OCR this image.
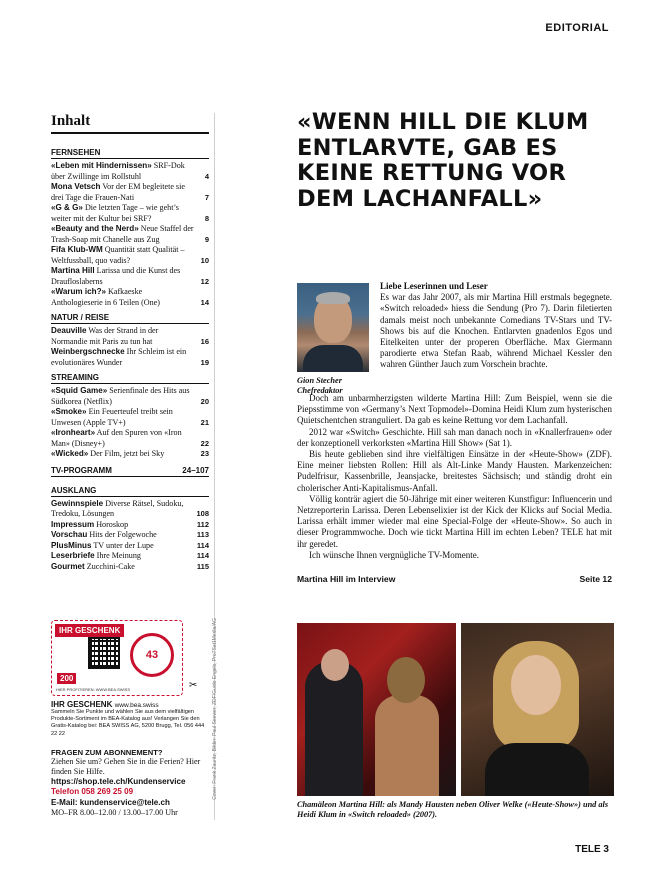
EDITORIAL
Inhalt
FERNSEHEN
«Leben mit Hindernissen» SRF-Dok über Zwillinge im Rollstuhl	4
Mona Vetsch Vor der EM begleitete sie drei Tage die Frauen-Nati	7
«G & G» Die letzten Tage – wie geht’s weiter mit der Kultur bei SRF?	8
«Beauty and the Nerd» Neue Staffel der Trash-Soap mit Chanelle aus Zug	9
Fifa Klub-WM Quantität statt Qualität – Weltfussball, quo vadis?	10
Martina Hill Larissa und die Kunst des Draufloslaberns	12
«Warum ich?» Kafkaeske Anthologieserie in 6 Teilen (One)	14
NATUR / REISE
Deauville Was der Strand in der Normandie mit Paris zu tun hat	16
Weinbergschnecke Ihr Schleim ist ein evolutionäres Wunder	19
STREAMING
«Squid Game» Serienfinale des Hits aus Südkorea (Netflix)	20
«Smoke» Ein Feuerteufel treibt sein Unwesen (Apple TV+)	21
«Ironheart» Auf den Spuren von «Iron Man» (Disney+)	22
«Wicked» Der Film, jetzt bei Sky	23
TV-PROGRAMM	24–107
AUSKLANG
Gewinnspiele Diverse Rätsel, Sudoku, Tredoku, Lösungen	108
Impressum Horoskop	112
Vorschau Hits der Folgewoche	113
PlusMinus TV unter der Lupe	114
Leserbriefe Ihre Meinung	114
Gourmet Zucchini-Cake	115
Cover: Frank Zauritz; Bilder: Paul Seewer, ZDF/Guido Engels, Pro7Sat1Media/AG
IHR GESCHENK
43
200
HIER PROFITIEREN: WWW.BEA.SWISS	✂
IHR GESCHENK www.bea.swiss
Sammeln Sie Punkte und wählen Sie aus dem vielfältigen Produkte-Sortiment im BEA-Katalog aus! Verlangen Sie den Gratis-Katalog bei: BEA SWISS AG, 5200 Brugg, Tel. 056 444 22 22
FRAGEN ZUM ABONNEMENT?
Ziehen Sie um? Gehen Sie in die Ferien? Hier finden Sie Hilfe.
https://shop.tele.ch/Kundenservice
Telefon 058 269 25 09
E-Mail: kundenservice@tele.ch
MO–FR 8.00–12.00 / 13.00–17.00 Uhr
«WENN HILL DIE KLUM ENTLARVTE, GAB ES KEINE RETTUNG VOR DEM LACHANFALL»
Gion Stecher
Chefredaktor

Liebe Leserinnen und Leser

Es war das Jahr 2007, als mir Martina Hill erstmals begegnete. «Switch reloaded» hiess die Sendung (Pro 7). Darin filetierten damals meist noch unbekannte Comedians TV-Stars und TV-Shows bis auf die Knochen. Entlarvten gnadenlos Egos und Eitelkeiten unter der properen Oberfläche. Max Giermann parodierte etwa Stefan Raab, während Michael Kessler den wahren Günther Jauch zum Vorschein brachte.

Doch am unbarmherzigsten wilderte Martina Hill: Zum Beispiel, wenn sie die Piepsstimme von «Germany’s Next Topmodel»-Domina Heidi Klum zum hysterischen Quietschentchen stranguliert. Da gab es keine Rettung vor dem Lachanfall.

2012 war «Switch» Geschichte. Hill sah man danach noch in «Knallerfrauen» oder der konzeptionell verkorksten «Martina Hill Show» (Sat 1).

Bis heute geblieben sind ihre vielfältigen Einsätze in der «Heute-Show» (ZDF). Eine meiner liebsten Rollen: Hill als Alt-Linke Mandy Hausten. Markenzeichen: Pudelfrisur, Kassenbrille, Jeansjacke, breitestes Sächsisch; und ständig droht ein cholerischer Anti-Kapitalismus-Anfall.

Völlig konträr agiert die 50-Jährige mit einer weiteren Kunstfigur: Influencerin und Netzreporterin Larissa. Deren Lebenselixier ist der Kick der Klicks auf Social Media. Larissa erhält immer wieder mal eine Special-Folge der «Heute-Show». So auch in dieser Programmwoche. Doch wie tickt Martina Hill im echten Leben? TELE hat mit ihr geredet.

Ich wünsche Ihnen vergnügliche TV-Momente.

Martina Hill im Interview	Seite 12
Chamäleon Martina Hill: als Mandy Hausten neben Oliver Welke («Heute-Show») und als Heidi Klum in «Switch reloaded» (2007).
TELE 3
